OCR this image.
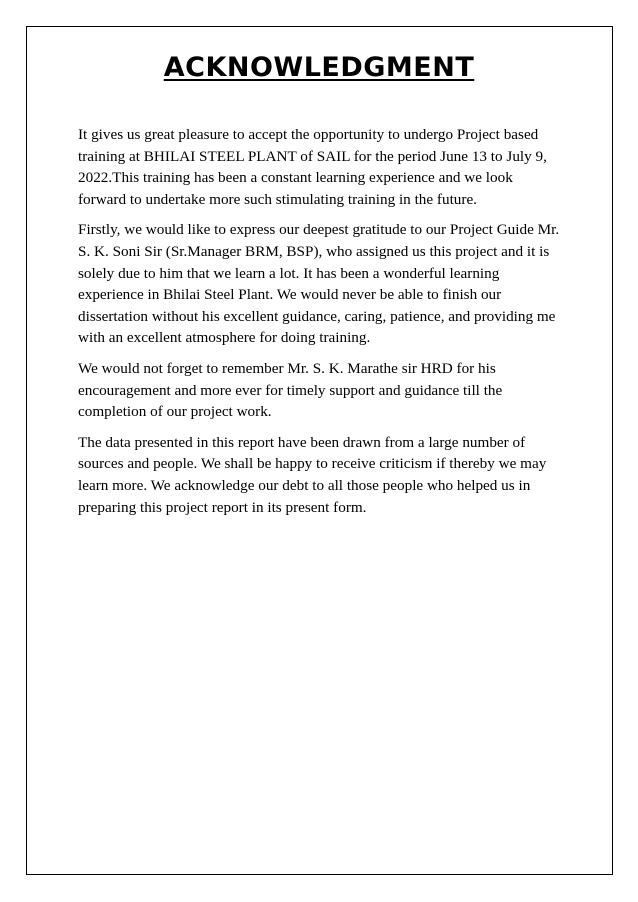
ACKNOWLEDGMENT

It gives us great pleasure to accept the opportunity to undergo Project based training at BHILAI STEEL PLANT of SAIL for the period June 13 to July 9, 2022.This training has been a constant learning experience and we look forward to undertake more such stimulating training in the future.

Firstly, we would like to express our deepest gratitude to our Project Guide Mr. S. K. Soni Sir (Sr.Manager BRM, BSP), who assigned us this project and it is solely due to him that we learn a lot. It has been a wonderful learning experience in Bhilai Steel Plant. We would never be able to finish our dissertation without his excellent guidance, caring, patience, and providing me with an excellent atmosphere for doing training.

We would not forget to remember Mr. S. K. Marathe sir HRD for his encouragement and more ever for timely support and guidance till the completion of our project work.

The data presented in this report have been drawn from a large number of sources and people. We shall be happy to receive criticism if thereby we may learn more. We acknowledge our debt to all those people who helped us in preparing this project report in its present form.
